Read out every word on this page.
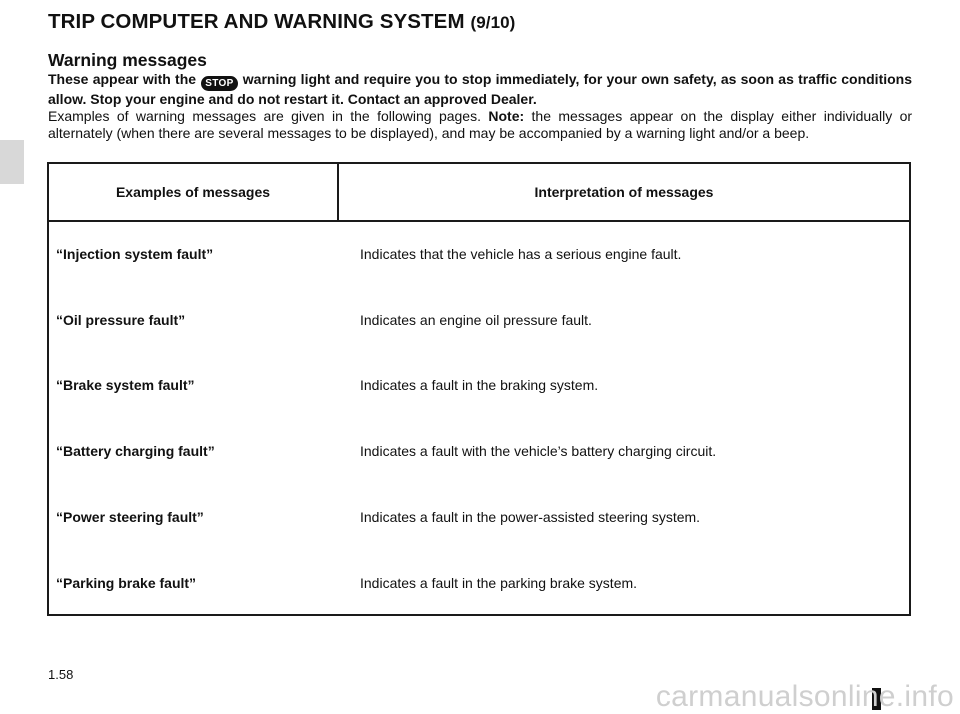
TRIP COMPUTER AND WARNING SYSTEM (9/10)
Warning messages

These appear with the STOP warning light and require you to stop immediately, for your own safety, as soon as traffic conditions allow. Stop your engine and do not restart it. Contact an approved Dealer.

Examples of warning messages are given in the following pages. Note: the messages appear on the display either individually or alternately (when there are several messages to be displayed), and may be accompanied by a warning light and/or a beep.

Examples of messages	Interpretation of messages
“Injection system fault”	Indicates that the vehicle has a serious engine fault.
“Oil pressure fault”	Indicates an engine oil pressure fault.
“Brake system fault”	Indicates a fault in the braking system.
“Battery charging fault”	Indicates a fault with the vehicle’s battery charging circuit.
“Power steering fault”	Indicates a fault in the power-assisted steering system.
“Parking brake fault”	Indicates a fault in the parking brake system.
1.58
carmanualsonline.info
